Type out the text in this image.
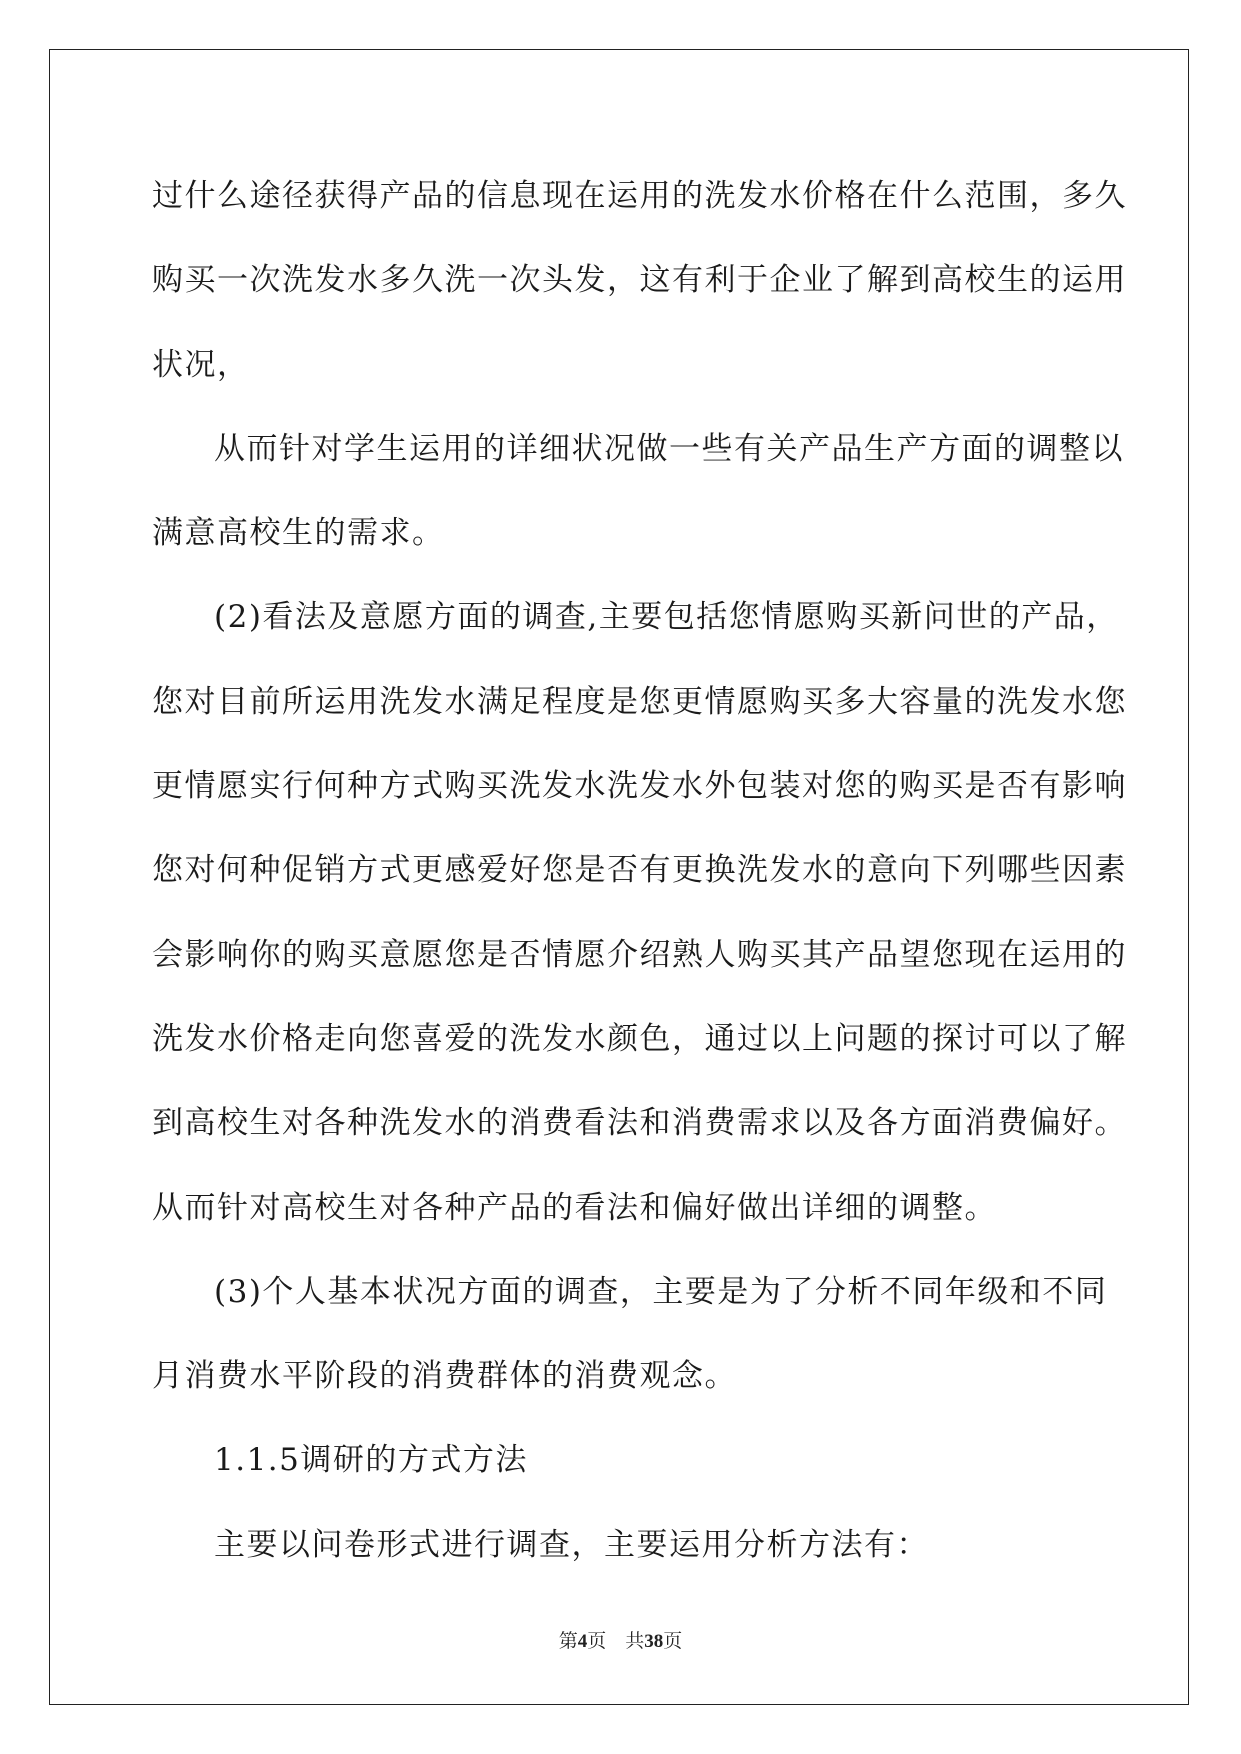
过什么途径获得产品的信息现在运用的洗发水价格在什么范围，多久
购买一次洗发水多久洗一次头发，这有利于企业了解到高校生的运用
状况，
从而针对学生运用的详细状况做一些有关产品生产方面的调整以
满意高校生的需求。
(2)看法及意愿方面的调查,主要包括您情愿购买新问世的产品，
您对目前所运用洗发水满足程度是您更情愿购买多大容量的洗发水您
更情愿实行何种方式购买洗发水洗发水外包装对您的购买是否有影响
您对何种促销方式更感爱好您是否有更换洗发水的意向下列哪些因素
会影响你的购买意愿您是否情愿介绍熟人购买其产品望您现在运用的
洗发水价格走向您喜爱的洗发水颜色，通过以上问题的探讨可以了解
到高校生对各种洗发水的消费看法和消费需求以及各方面消费偏好。
从而针对高校生对各种产品的看法和偏好做出详细的调整。
(3)个人基本状况方面的调查，主要是为了分析不同年级和不同
月消费水平阶段的消费群体的消费观念。
1.1.5调研的方式方法
主要以问卷形式进行调查，主要运用分析方法有：
第4页　共38页
